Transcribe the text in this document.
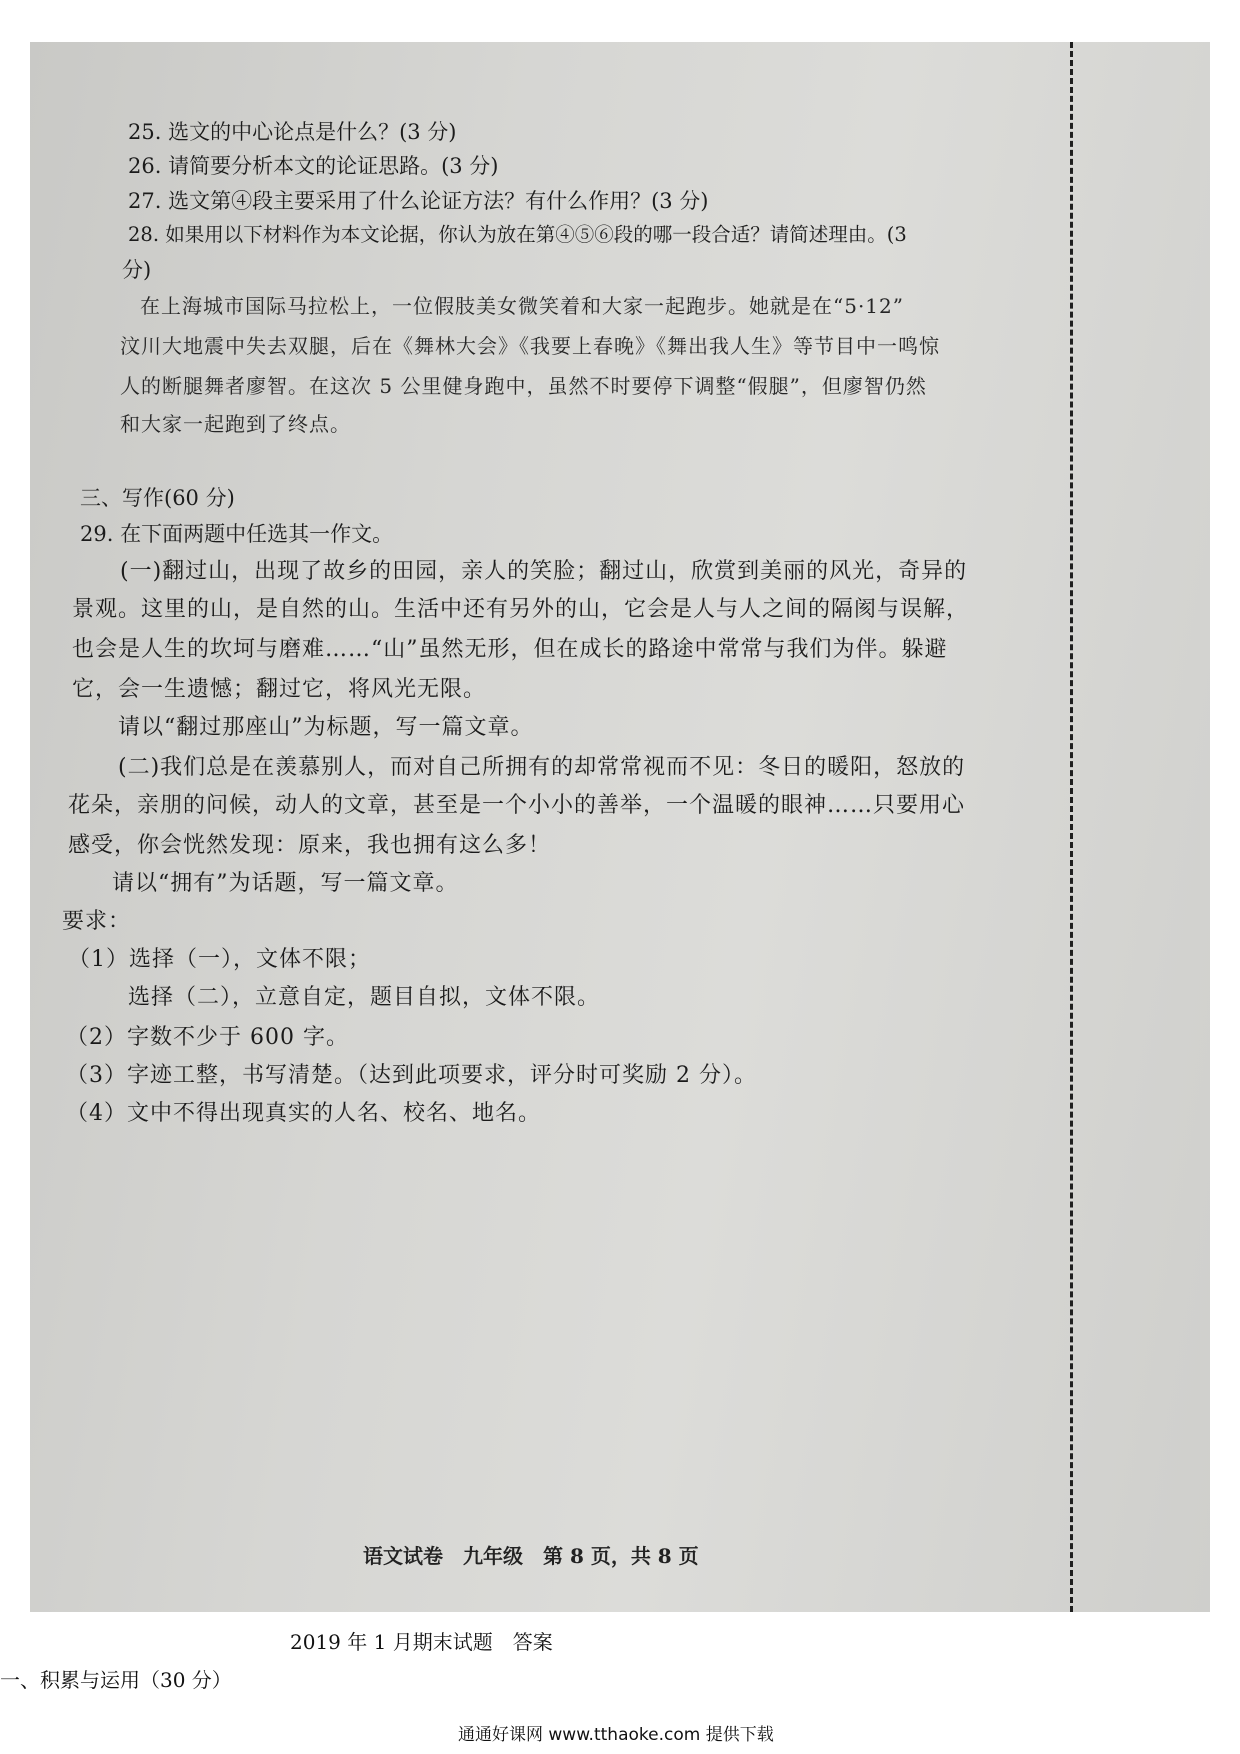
25. 选文的中心论点是什么？(3 分)
26. 请简要分析本文的论证思路。(3 分)
27. 选文第④段主要采用了什么论证方法？有什么作用？(3 分)
28. 如果用以下材料作为本文论据，你认为放在第④⑤⑥段的哪一段合适？请简述理由。(3
分)
在上海城市国际马拉松上，一位假肢美女微笑着和大家一起跑步。她就是在“5·12”
汶川大地震中失去双腿，后在《舞林大会》《我要上春晚》《舞出我人生》等节目中一鸣惊
人的断腿舞者廖智。在这次 5 公里健身跑中，虽然不时要停下调整“假腿”，但廖智仍然
和大家一起跑到了终点。
三、写作(60 分)
29. 在下面两题中任选其一作文。
(一)翻过山，出现了故乡的田园，亲人的笑脸；翻过山，欣赏到美丽的风光，奇异的
景观。这里的山，是自然的山。生活中还有另外的山，它会是人与人之间的隔阂与误解，
也会是人生的坎坷与磨难……“山”虽然无形，但在成长的路途中常常与我们为伴。躲避
它，会一生遗憾；翻过它，将风光无限。
请以“翻过那座山”为标题，写一篇文章。
(二)我们总是在羡慕别人，而对自己所拥有的却常常视而不见：冬日的暖阳，怒放的
花朵，亲朋的问候，动人的文章，甚至是一个小小的善举，一个温暖的眼神……只要用心
感受，你会恍然发现：原来，我也拥有这么多！
请以“拥有”为话题，写一篇文章。
要求：
（1）选择（一），文体不限；
选择（二），立意自定，题目自拟，文体不限。
（2）字数不少于 600 字。
（3）字迹工整，书写清楚。（达到此项要求，评分时可奖励 2 分）。
（4）文中不得出现真实的人名、校名、地名。
语文试卷　九年级　第 8 页，共 8 页
2019 年 1 月期末试题　答案
一、积累与运用（30 分）
通通好课网 www.tthaoke.com 提供下载
